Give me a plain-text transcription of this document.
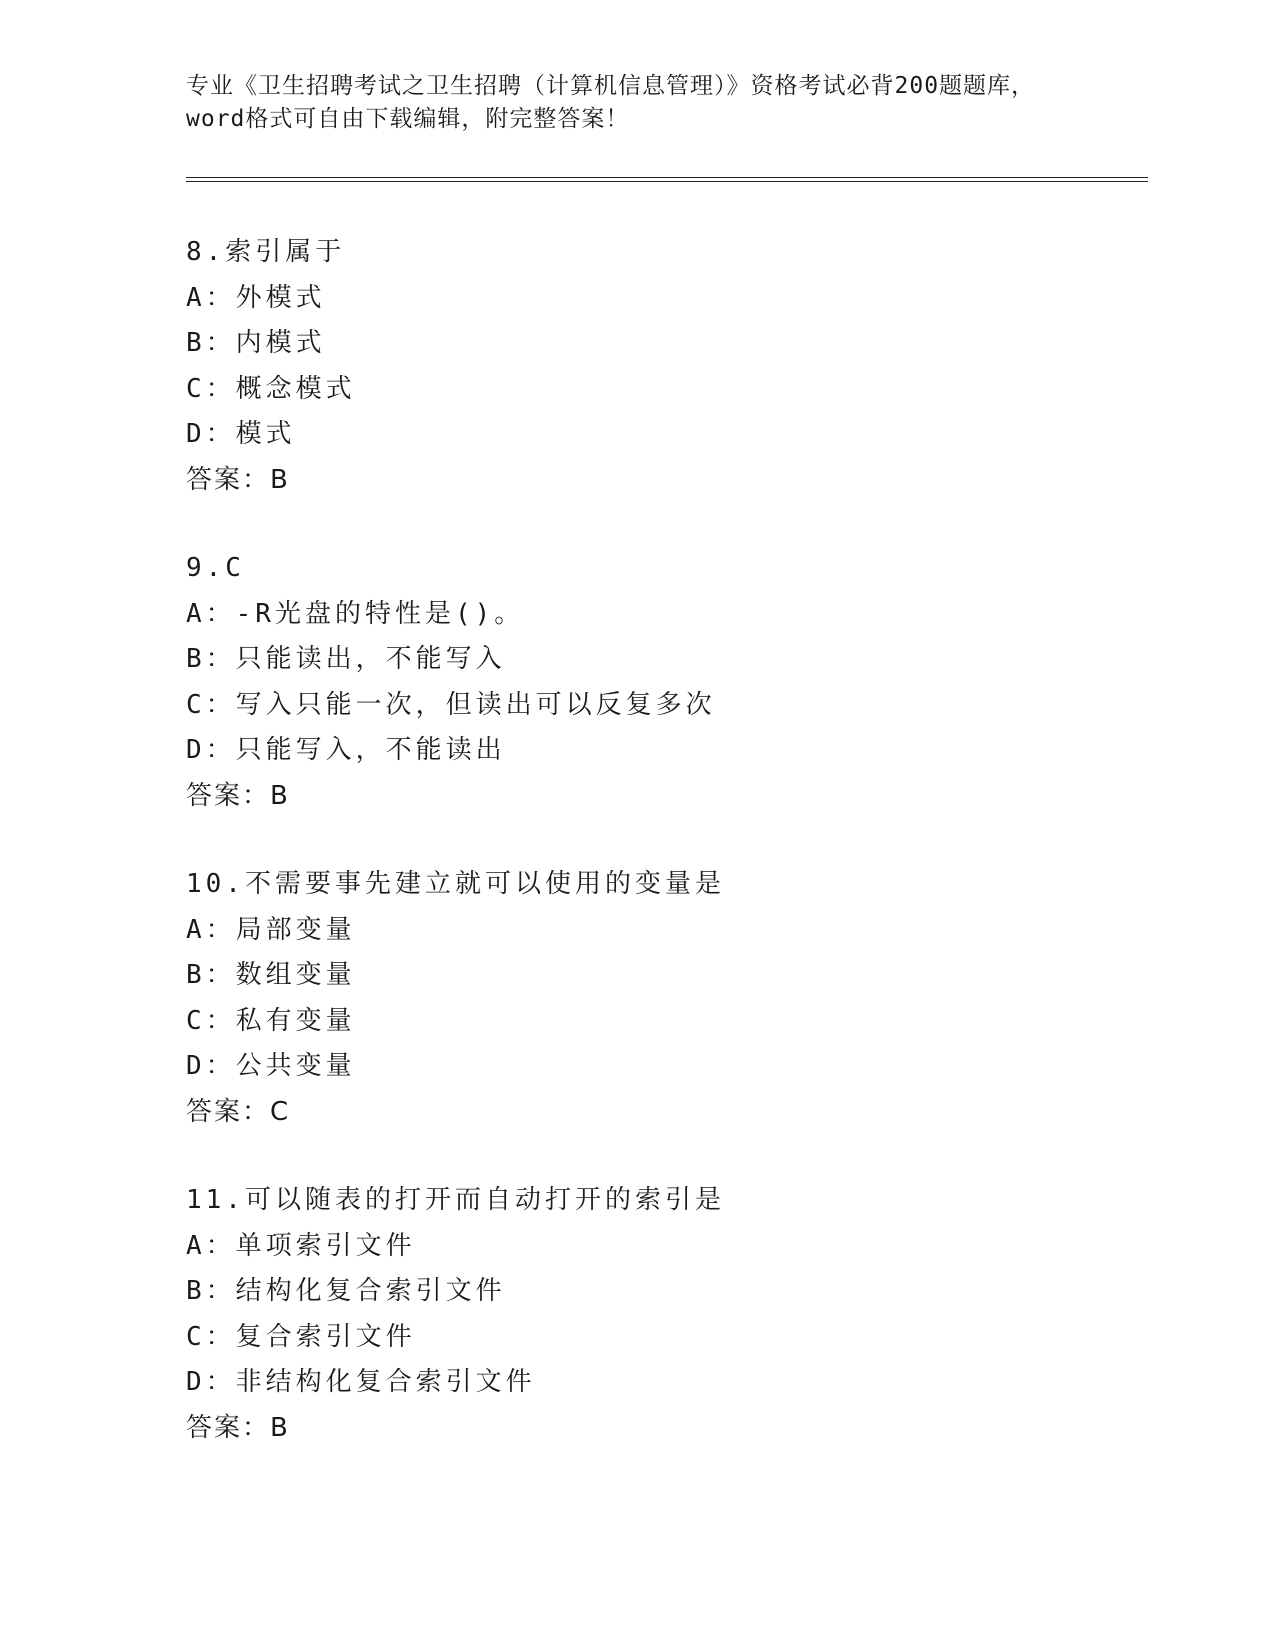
专业《卫生招聘考试之卫生招聘（计算机信息管理）》资格考试必背200题题库，
word格式可自由下载编辑，附完整答案！
8.索引属于
A：外模式
B：内模式
C：概念模式
D：模式
答案：B
9.C
A：-R光盘的特性是()。
B：只能读出，不能写入
C：写入只能一次，但读出可以反复多次
D：只能写入，不能读出
答案：B
10.不需要事先建立就可以使用的变量是
A：局部变量
B：数组变量
C：私有变量
D：公共变量
答案：C
11.可以随表的打开而自动打开的索引是
A：单项索引文件
B：结构化复合索引文件
C：复合索引文件
D：非结构化复合索引文件
答案：B
